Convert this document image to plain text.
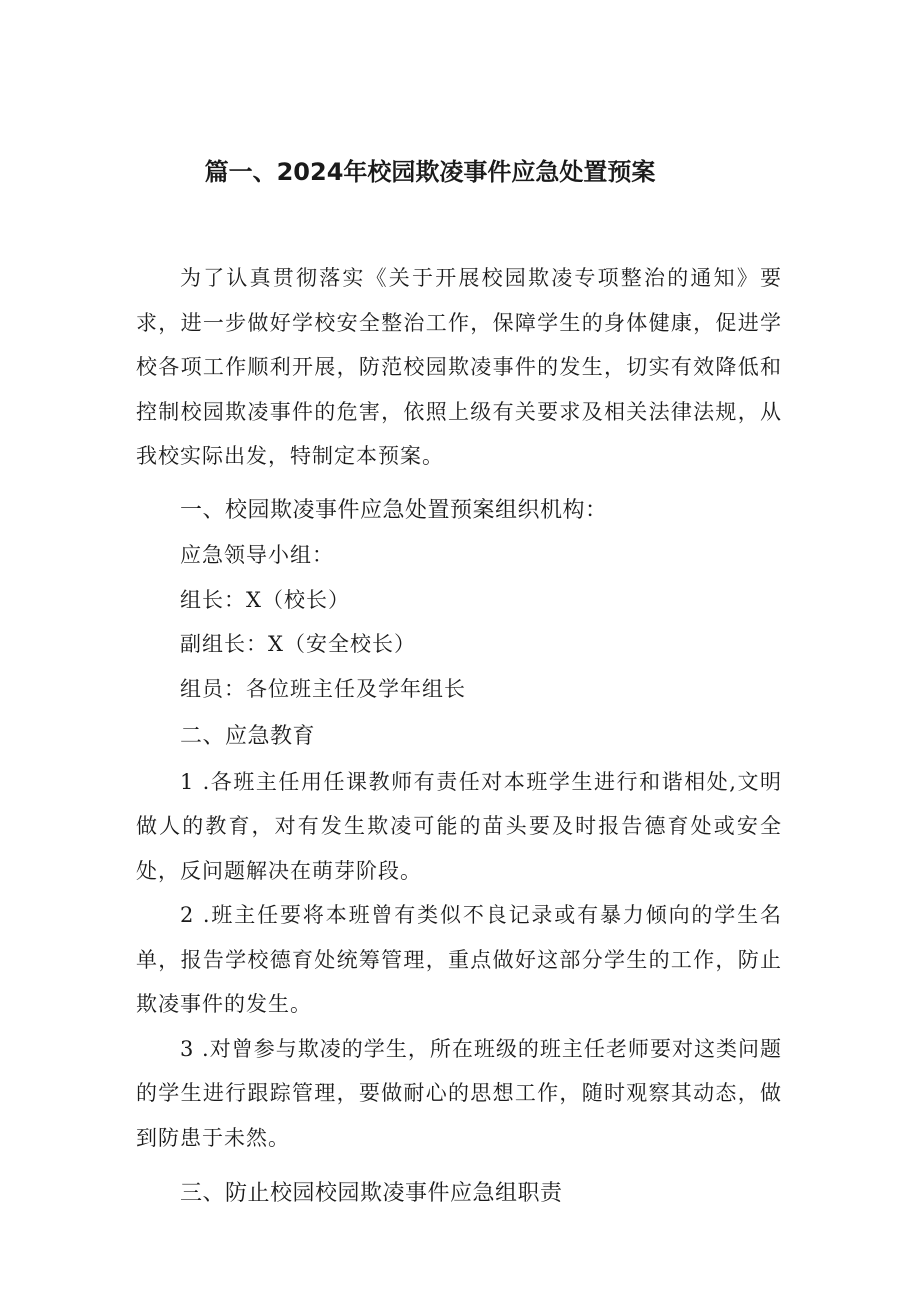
篇一、2024年校园欺凌事件应急处置预案

为了认真贯彻落实《关于开展校园欺凌专项整治的通知》要求，进一步做好学校安全整治工作，保障学生的身体健康，促进学校各项工作顺利开展，防范校园欺凌事件的发生，切实有效降低和控制校园欺凌事件的危害，依照上级有关要求及相关法律法规，从我校实际出发，特制定本预案。

一、校园欺凌事件应急处置预案组织机构：
应急领导小组：
组长：X（校长）
副组长：X（安全校长）
组员：各位班主任及学年组长
二、应急教育

1 .各班主任用任课教师有责任对本班学生进行和谐相处,文明做人的教育，对有发生欺凌可能的苗头要及时报告德育处或安全处，反问题解决在萌芽阶段。

2 .班主任要将本班曾有类似不良记录或有暴力倾向的学生名单，报告学校德育处统筹管理，重点做好这部分学生的工作，防止欺凌事件的发生。

3 .对曾参与欺凌的学生，所在班级的班主任老师要对这类问题的学生进行跟踪管理，要做耐心的思想工作，随时观察其动态，做到防患于未然。

三、防止校园校园欺凌事件应急组职责
